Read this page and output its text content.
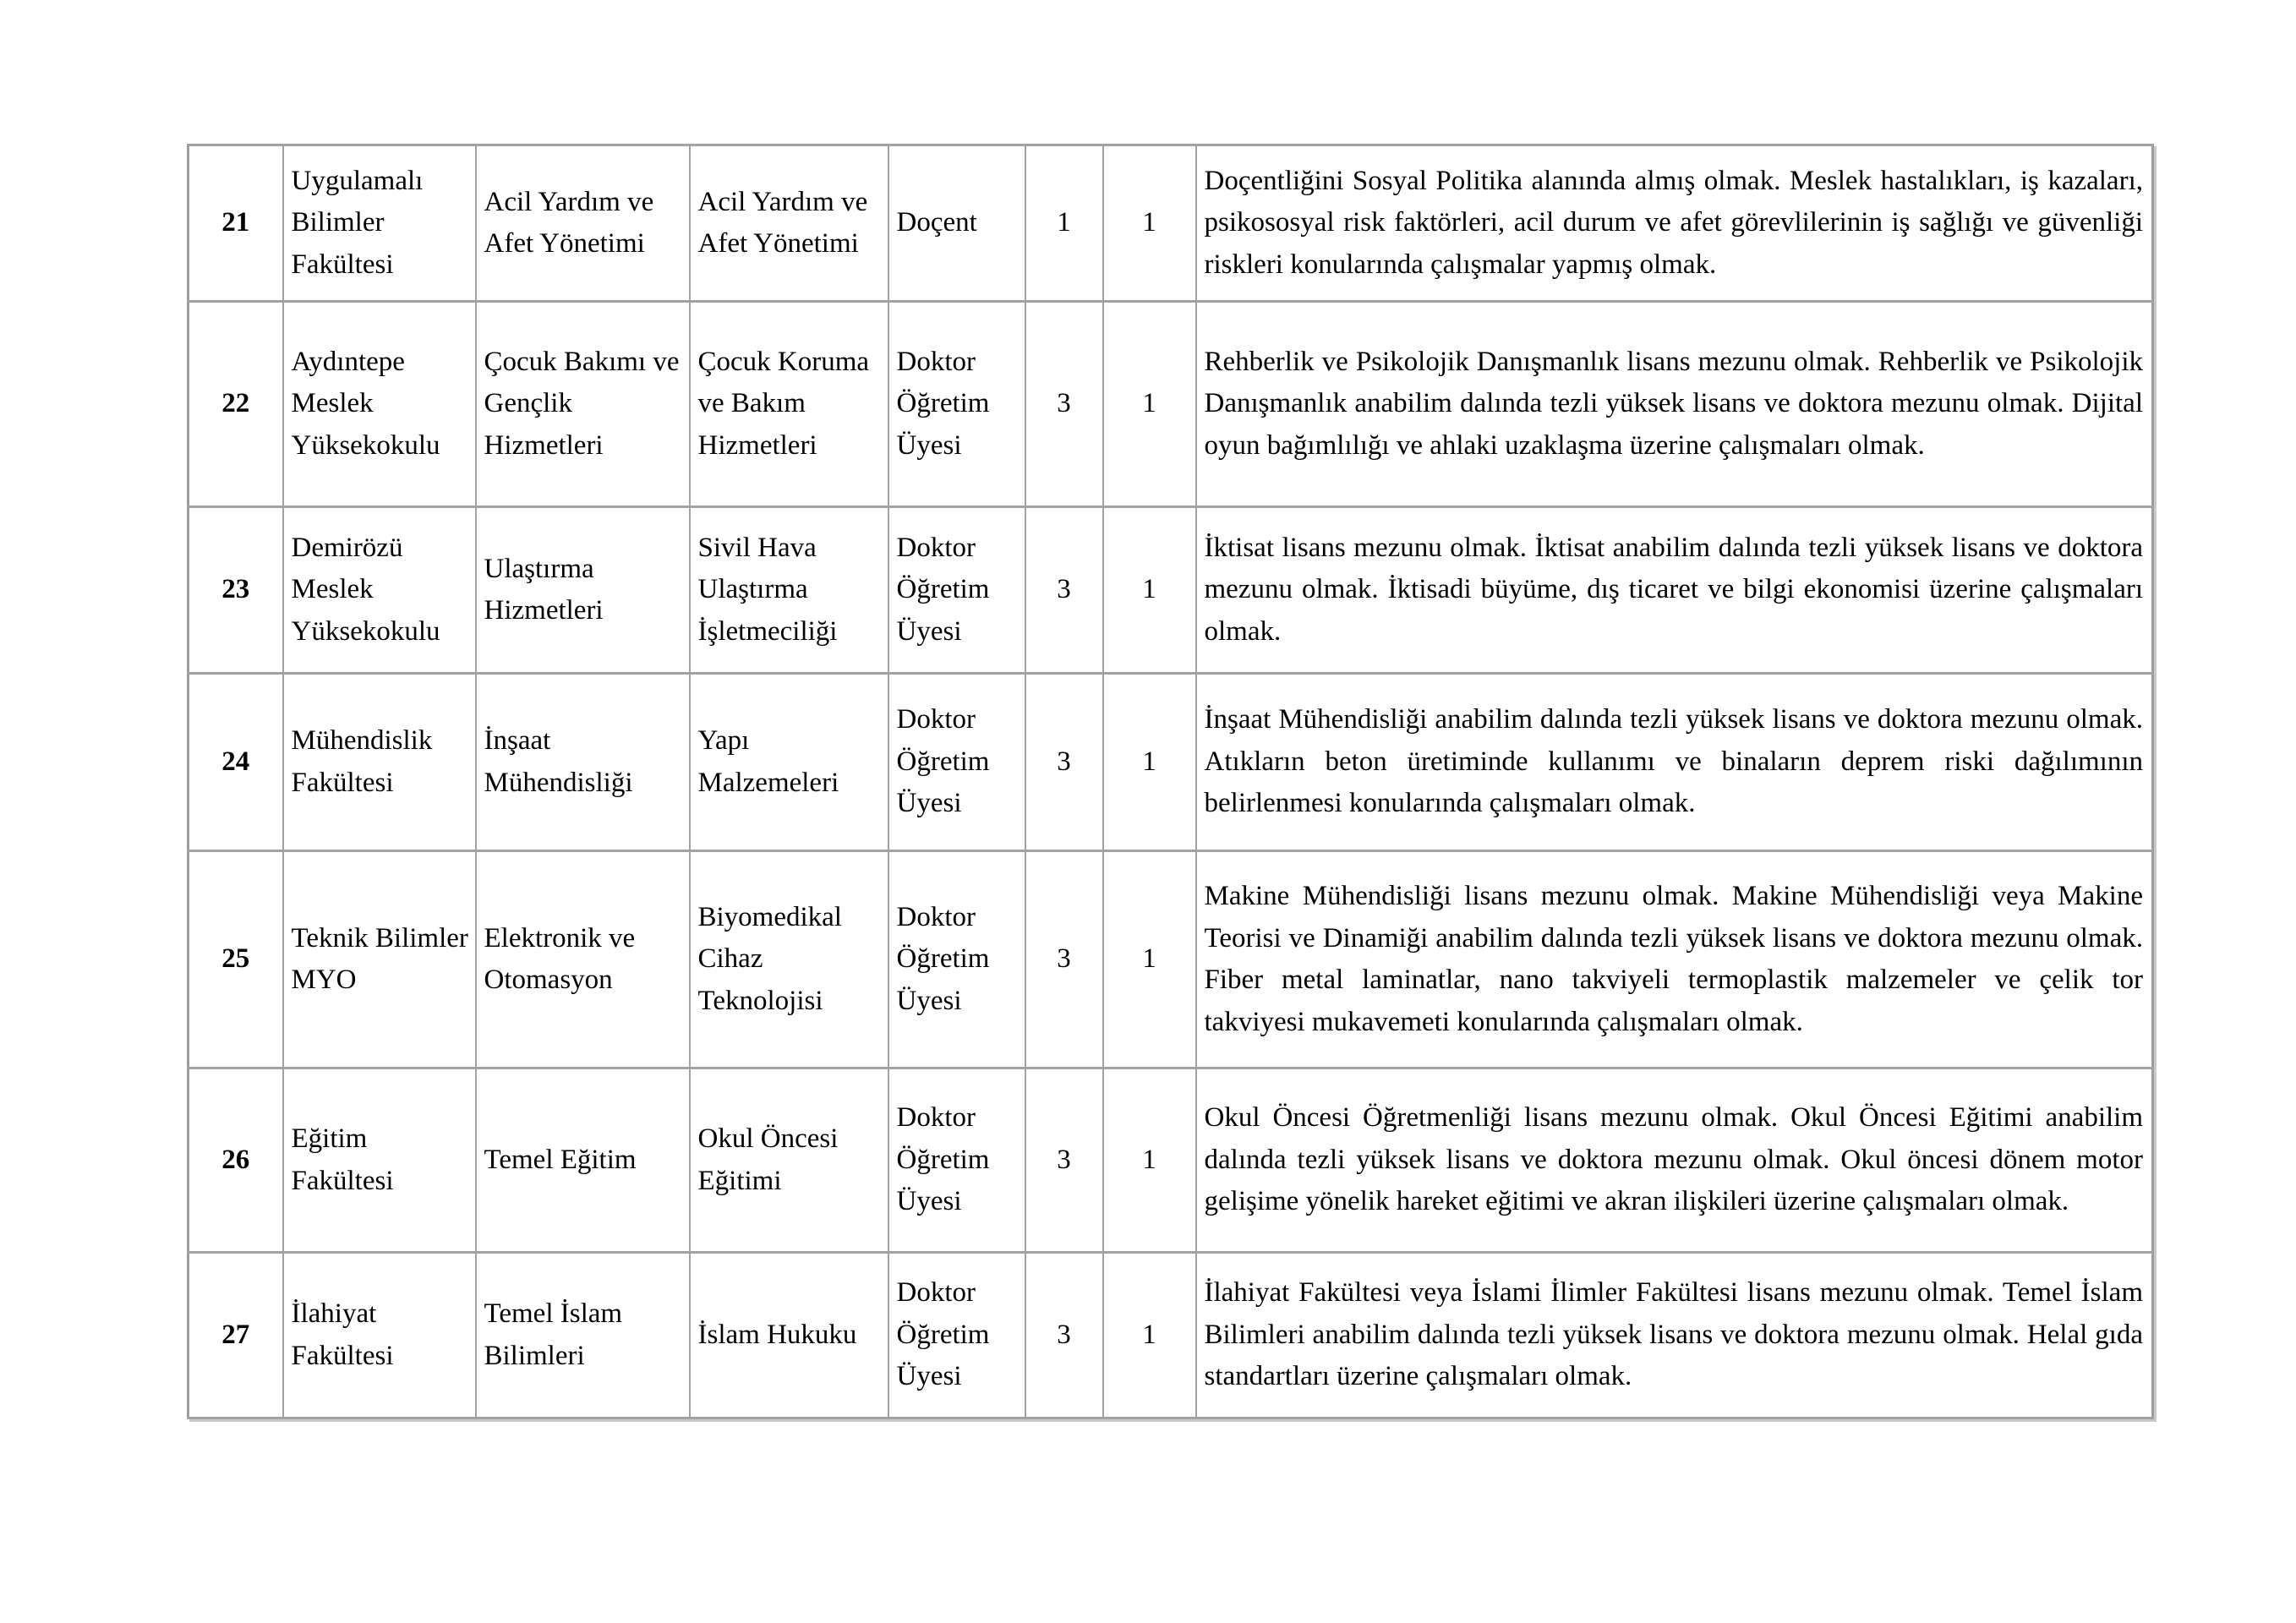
21	Uygulamalı Bilimler Fakültesi	Acil Yardım ve Afet Yönetimi	Acil Yardım ve Afet Yönetimi	Doçent	1	1	Doçentliğini Sosyal Politika alanında almış olmak. Meslek hastalıkları, iş kazaları, psikososyal risk faktörleri, acil durum ve afet görevlilerinin iş sağlığı ve güvenliği riskleri konularında çalışmalar yapmış olmak.
22	Aydıntepe Meslek Yüksekokulu	Çocuk Bakımı ve Gençlik Hizmetleri	Çocuk Koruma ve Bakım Hizmetleri	Doktor Öğretim Üyesi	3	1	Rehberlik ve Psikolojik Danışmanlık lisans mezunu olmak. Rehberlik ve Psikolojik Danışmanlık anabilim dalında tezli yüksek lisans ve doktora mezunu olmak. Dijital oyun bağımlılığı ve ahlaki uzaklaşma üzerine çalışmaları olmak.
23	Demirözü Meslek Yüksekokulu	Ulaştırma Hizmetleri	Sivil Hava Ulaştırma İşletmeciliği	Doktor Öğretim Üyesi	3	1	İktisat lisans mezunu olmak. İktisat anabilim dalında tezli yüksek lisans ve doktora mezunu olmak. İktisadi büyüme, dış ticaret ve bilgi ekonomisi üzerine çalışmaları olmak.
24	Mühendislik Fakültesi	İnşaat Mühendisliği	Yapı Malzemeleri	Doktor Öğretim Üyesi	3	1	İnşaat Mühendisliği anabilim dalında tezli yüksek lisans ve doktora mezunu olmak. Atıkların beton üretiminde kullanımı ve binaların deprem riski dağılımının belirlenmesi konularında çalışmaları olmak.
25	Teknik Bilimler MYO	Elektronik ve Otomasyon	Biyomedikal Cihaz Teknolojisi	Doktor Öğretim Üyesi	3	1	Makine Mühendisliği lisans mezunu olmak. Makine Mühendisliği veya Makine Teorisi ve Dinamiği anabilim dalında tezli yüksek lisans ve doktora mezunu olmak. Fiber metal laminatlar, nano takviyeli termoplastik malzemeler ve çelik tor takviyesi mukavemeti konularında çalışmaları olmak.
26	Eğitim Fakültesi	Temel Eğitim	Okul Öncesi Eğitimi	Doktor Öğretim Üyesi	3	1	Okul Öncesi Öğretmenliği lisans mezunu olmak. Okul Öncesi Eğitimi anabilim dalında tezli yüksek lisans ve doktora mezunu olmak. Okul öncesi dönem motor gelişime yönelik hareket eğitimi ve akran ilişkileri üzerine çalışmaları olmak.
27	İlahiyat Fakültesi	Temel İslam Bilimleri	İslam Hukuku	Doktor Öğretim Üyesi	3	1	İlahiyat Fakültesi veya İslami İlimler Fakültesi lisans mezunu olmak. Temel İslam Bilimleri anabilim dalında tezli yüksek lisans ve doktora mezunu olmak. Helal gıda standartları üzerine çalışmaları olmak.
